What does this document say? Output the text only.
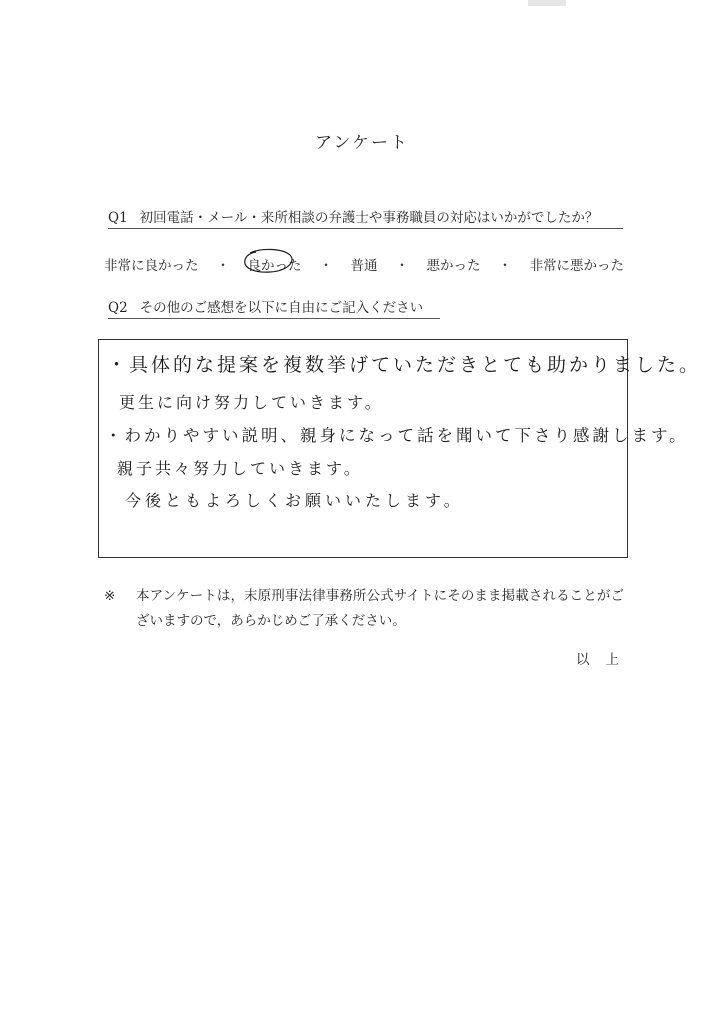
アンケート
Q1 初回電話・メール・来所相談の弁護士や事務職員の対応はいかがでしたか？
非常に良かった ・ 良かった ・ 普通 ・ 悪かった ・ 非常に悪かった
Q2 その他のご感想を以下に自由にご記入ください
・具体的な提案を複数挙げていただきとても助かりました。
更生に向け努力していきます。
・わかりやすい説明、親身になって話を聞いて下さり感謝します。
親子共々努力していきます。
今後ともよろしくお願いいたします。
※	本アンケートは，末原刑事法律事務所公式サイトにそのまま掲載されることがございますので，あらかじめご了承ください。
以上
